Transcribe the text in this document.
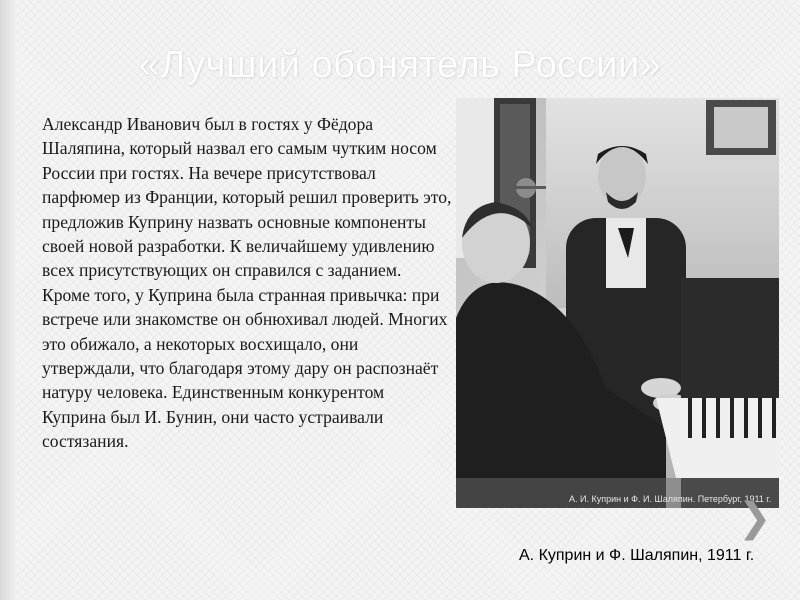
«Лучший обонятель России»

Александр Иванович был в гостях у Фёдора Шаляпина, который назвал его самым чутким носом России при гостях. На вечере присутствовал парфюмер из Франции, который решил проверить это, предложив Куприну назвать основные компоненты своей новой разработки. К величайшему удивлению всех присутствующих он справился с заданием. Кроме того, у Куприна была странная привычка: при встрече или знакомстве он обнюхивал людей. Многих это обижало, а некоторых восхищало, они утверждали, что благодаря этому дару он распознаёт натуру человека. Единственным конкурентом Куприна был И. Бунин, они часто устраивали состязания.

А. И. Куприн и Ф. И. Шаляпин. Петербург, 1911 г.
❯

А. Куприн и Ф. Шаляпин, 1911 г.
